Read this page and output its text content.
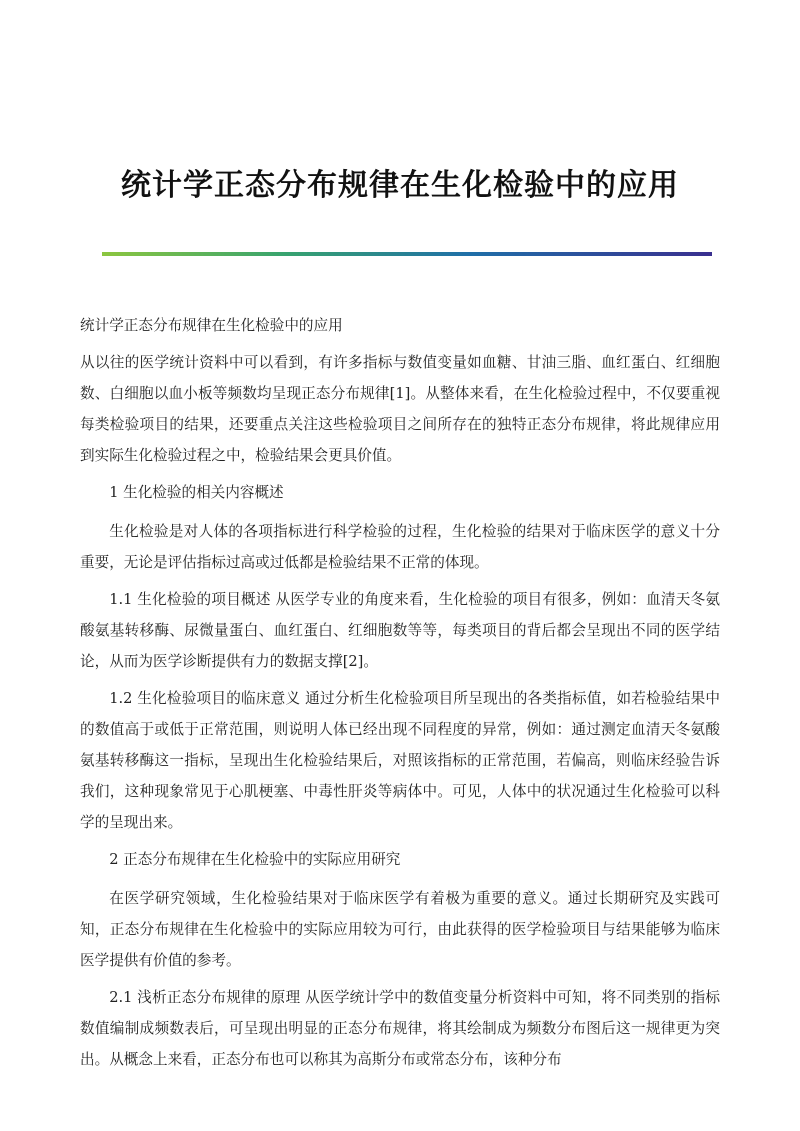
统计学正态分布规律在生化检验中的应用

统计学正态分布规律在生化检验中的应用

从以往的医学统计资料中可以看到，有许多指标与数值变量如血糖、甘油三脂、血红蛋白、红细胞数、白细胞以血小板等频数均呈现正态分布规律[1]。从整体来看，在生化检验过程中，不仅要重视每类检验项目的结果，还要重点关注这些检验项目之间所存在的独特正态分布规律，将此规律应用到实际生化检验过程之中，检验结果会更具价值。

1 生化检验的相关内容概述

生化检验是对人体的各项指标进行科学检验的过程，生化检验的结果对于临床医学的意义十分重要，无论是评估指标过高或过低都是检验结果不正常的体现。

1.1 生化检验的项目概述 从医学专业的角度来看，生化检验的项目有很多，例如：血清天冬氨酸氨基转移酶、尿微量蛋白、血红蛋白、红细胞数等等，每类项目的背后都会呈现出不同的医学结论，从而为医学诊断提供有力的数据支撑[2]。

1.2 生化检验项目的临床意义 通过分析生化检验项目所呈现出的各类指标值，如若检验结果中的数值高于或低于正常范围，则说明人体已经出现不同程度的异常，例如：通过测定血清天冬氨酸氨基转移酶这一指标，呈现出生化检验结果后，对照该指标的正常范围，若偏高，则临床经验告诉我们，这种现象常见于心肌梗塞、中毒性肝炎等病体中。可见，人体中的状况通过生化检验可以科学的呈现出来。

2 正态分布规律在生化检验中的实际应用研究

在医学研究领域，生化检验结果对于临床医学有着极为重要的意义。通过长期研究及实践可知，正态分布规律在生化检验中的实际应用较为可行，由此获得的医学检验项目与结果能够为临床医学提供有价值的参考。

2.1 浅析正态分布规律的原理 从医学统计学中的数值变量分析资料中可知，将不同类别的指标数值编制成频数表后，可呈现出明显的正态分布规律，将其绘制成为频数分布图后这一规律更为突出。从概念上来看，正态分布也可以称其为高斯分布或常态分布，该种分布
